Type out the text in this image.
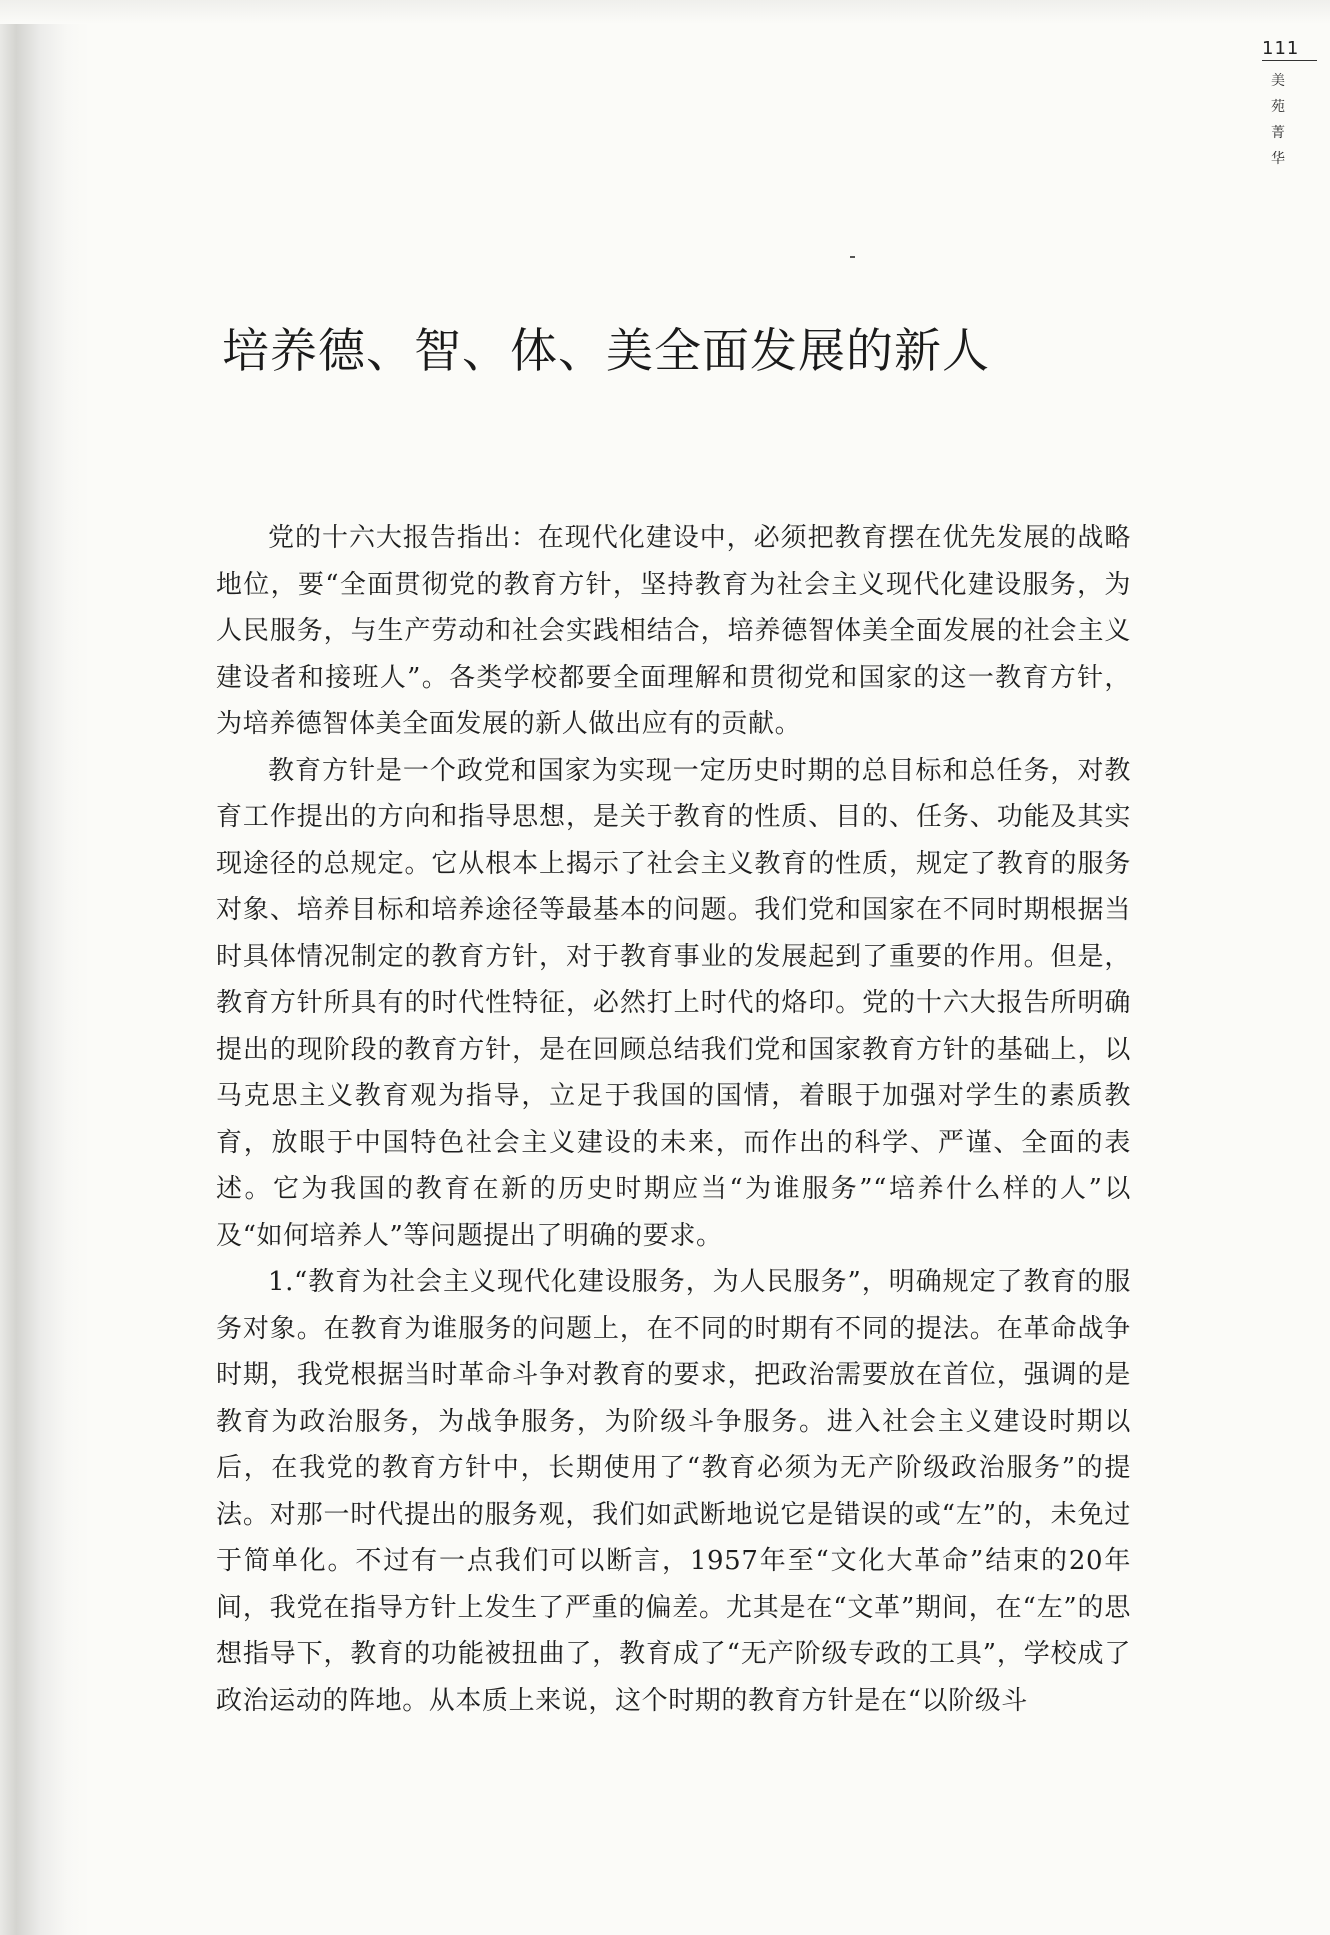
111
美
苑
菁
华
培养德、智、体、美全面发展的新人

党的十六大报告指出：在现代化建设中，必须把教育摆在优先发展的战略地位，要“全面贯彻党的教育方针，坚持教育为社会主义现代化建设服务，为人民服务，与生产劳动和社会实践相结合，培养德智体美全面发展的社会主义建设者和接班人”。各类学校都要全面理解和贯彻党和国家的这一教育方针，为培养德智体美全面发展的新人做出应有的贡献。

教育方针是一个政党和国家为实现一定历史时期的总目标和总任务，对教育工作提出的方向和指导思想，是关于教育的性质、目的、任务、功能及其实现途径的总规定。它从根本上揭示了社会主义教育的性质，规定了教育的服务对象、培养目标和培养途径等最基本的问题。我们党和国家在不同时期根据当时具体情况制定的教育方针，对于教育事业的发展起到了重要的作用。但是，教育方针所具有的时代性特征，必然打上时代的烙印。党的十六大报告所明确提出的现阶段的教育方针，是在回顾总结我们党和国家教育方针的基础上，以马克思主义教育观为指导，立足于我国的国情，着眼于加强对学生的素质教育，放眼于中国特色社会主义建设的未来，而作出的科学、严谨、全面的表述。它为我国的教育在新的历史时期应当“为谁服务”“培养什么样的人”以及“如何培养人”等问题提出了明确的要求。

1.“教育为社会主义现代化建设服务，为人民服务”，明确规定了教育的服务对象。在教育为谁服务的问题上，在不同的时期有不同的提法。在革命战争时期，我党根据当时革命斗争对教育的要求，把政治需要放在首位，强调的是教育为政治服务，为战争服务，为阶级斗争服务。进入社会主义建设时期以后，在我党的教育方针中，长期使用了“教育必须为无产阶级政治服务”的提法。对那一时代提出的服务观，我们如武断地说它是错误的或“左”的，未免过于简单化。不过有一点我们可以断言，1957年至“文化大革命”结束的20年间，我党在指导方针上发生了严重的偏差。尤其是在“文革”期间，在“左”的思想指导下，教育的功能被扭曲了，教育成了“无产阶级专政的工具”，学校成了政治运动的阵地。从本质上来说，这个时期的教育方针是在“以阶级斗
